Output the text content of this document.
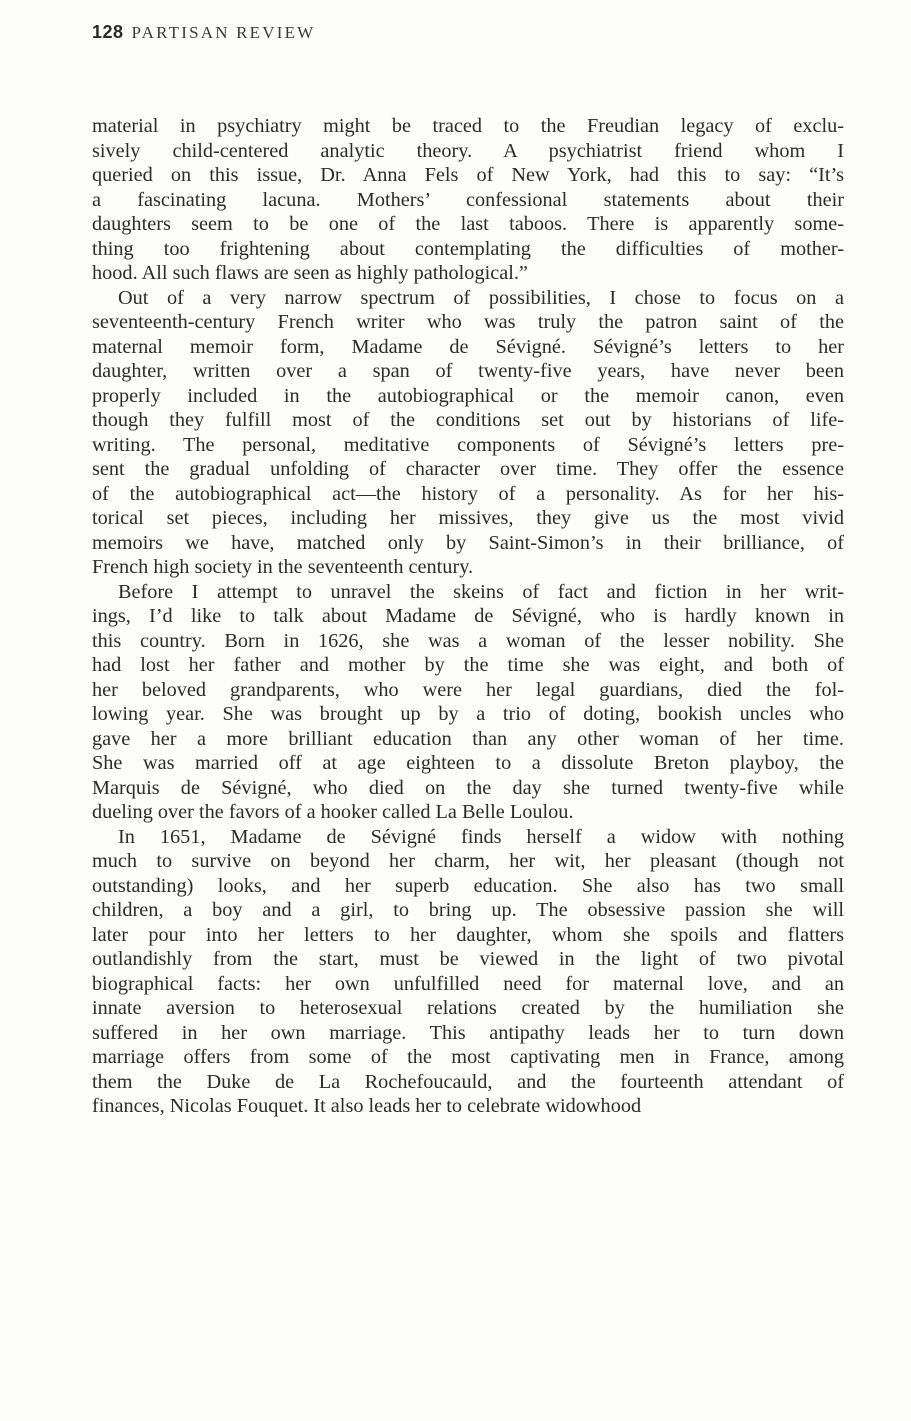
128 PARTISAN REVIEW
material in psychiatry might be traced to the Freudian legacy of exclu-
sively child-centered analytic theory. A psychiatrist friend whom I
queried on this issue, Dr. Anna Fels of New York, had this to say: “It’s
a fascinating lacuna. Mothers’ confessional statements about their
daughters seem to be one of the last taboos. There is apparently some-
thing too frightening about contemplating the difficulties of mother-
hood. All such flaws are seen as highly pathological.”
Out of a very narrow spectrum of possibilities, I chose to focus on a
seventeenth-century French writer who was truly the patron saint of the
maternal memoir form, Madame de Sévigné. Sévigné’s letters to her
daughter, written over a span of twenty-five years, have never been
properly included in the autobiographical or the memoir canon, even
though they fulfill most of the conditions set out by historians of life-
writing. The personal, meditative components of Sévigné’s letters pre-
sent the gradual unfolding of character over time. They offer the essence
of the autobiographical act—the history of a personality. As for her his-
torical set pieces, including her missives, they give us the most vivid
memoirs we have, matched only by Saint-Simon’s in their brilliance, of
French high society in the seventeenth century.
Before I attempt to unravel the skeins of fact and fiction in her writ-
ings, I’d like to talk about Madame de Sévigné, who is hardly known in
this country. Born in 1626, she was a woman of the lesser nobility. She
had lost her father and mother by the time she was eight, and both of
her beloved grandparents, who were her legal guardians, died the fol-
lowing year. She was brought up by a trio of doting, bookish uncles who
gave her a more brilliant education than any other woman of her time.
She was married off at age eighteen to a dissolute Breton playboy, the
Marquis de Sévigné, who died on the day she turned twenty-five while
dueling over the favors of a hooker called La Belle Loulou.
In 1651, Madame de Sévigné finds herself a widow with nothing
much to survive on beyond her charm, her wit, her pleasant (though not
outstanding) looks, and her superb education. She also has two small
children, a boy and a girl, to bring up. The obsessive passion she will
later pour into her letters to her daughter, whom she spoils and flatters
outlandishly from the start, must be viewed in the light of two pivotal
biographical facts: her own unfulfilled need for maternal love, and an
innate aversion to heterosexual relations created by the humiliation she
suffered in her own marriage. This antipathy leads her to turn down
marriage offers from some of the most captivating men in France, among
them the Duke de La Rochefoucauld, and the fourteenth attendant of
finances, Nicolas Fouquet. It also leads her to celebrate widowhood
